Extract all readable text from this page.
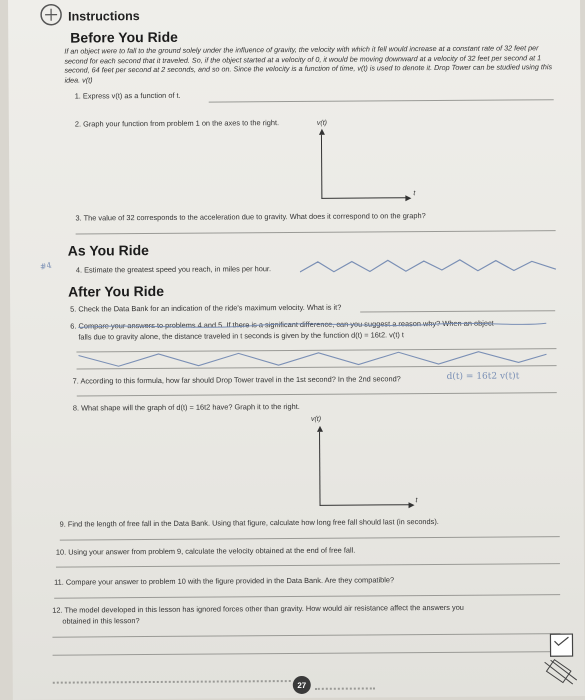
Instructions
Before You Ride
If an object were to fall to the ground solely under the influence of gravity, the velocity with which it fell would increase at a constant rate of 32 feet per second for each second that it traveled. So, if the object started at a velocity of 0, it would be moving downward at a velocity of 32 feet per second at 1 second, 64 feet per second at 2 seconds, and so on. Since the velocity is a function of time, v(t) is used to denote it. Drop Tower can be studied using this idea. v(t)
1. Express v(t) as a function of t.
2. Graph your function from problem 1 on the axes to the right.	v(t)
t
3. The value of 32 corresponds to the acceleration due to gravity. What does it correspond to on the graph?
As You Ride
#4	4. Estimate the greatest speed you reach, in miles per hour.
After You Ride
5. Check the Data Bank for an indication of the ride's maximum velocity. What is it?
6. Compare your answers to problems 4 and 5. If there is a significant difference, can you suggest a reason why? When an object
falls due to gravity alone, the distance traveled in t seconds is given by the function d(t) = 16t2. v(t) t
7. According to this formula, how far should Drop Tower travel in the 1st second? In the 2nd second?	d(t) = 16t2 v(t)t
8. What shape will the graph of d(t) = 16t2 have? Graph it to the right.
v(t)
t
9. Find the length of free fall in the Data Bank. Using that figure, calculate how long free fall should last (in seconds).
10. Using your answer from problem 9, calculate the velocity obtained at the end of free fall.
11. Compare your answer to problem 10 with the figure provided in the Data Bank. Are they compatible?
12. The model developed in this lesson has ignored forces other than gravity. How would air resistance affect the answers you
obtained in this lesson?
27
